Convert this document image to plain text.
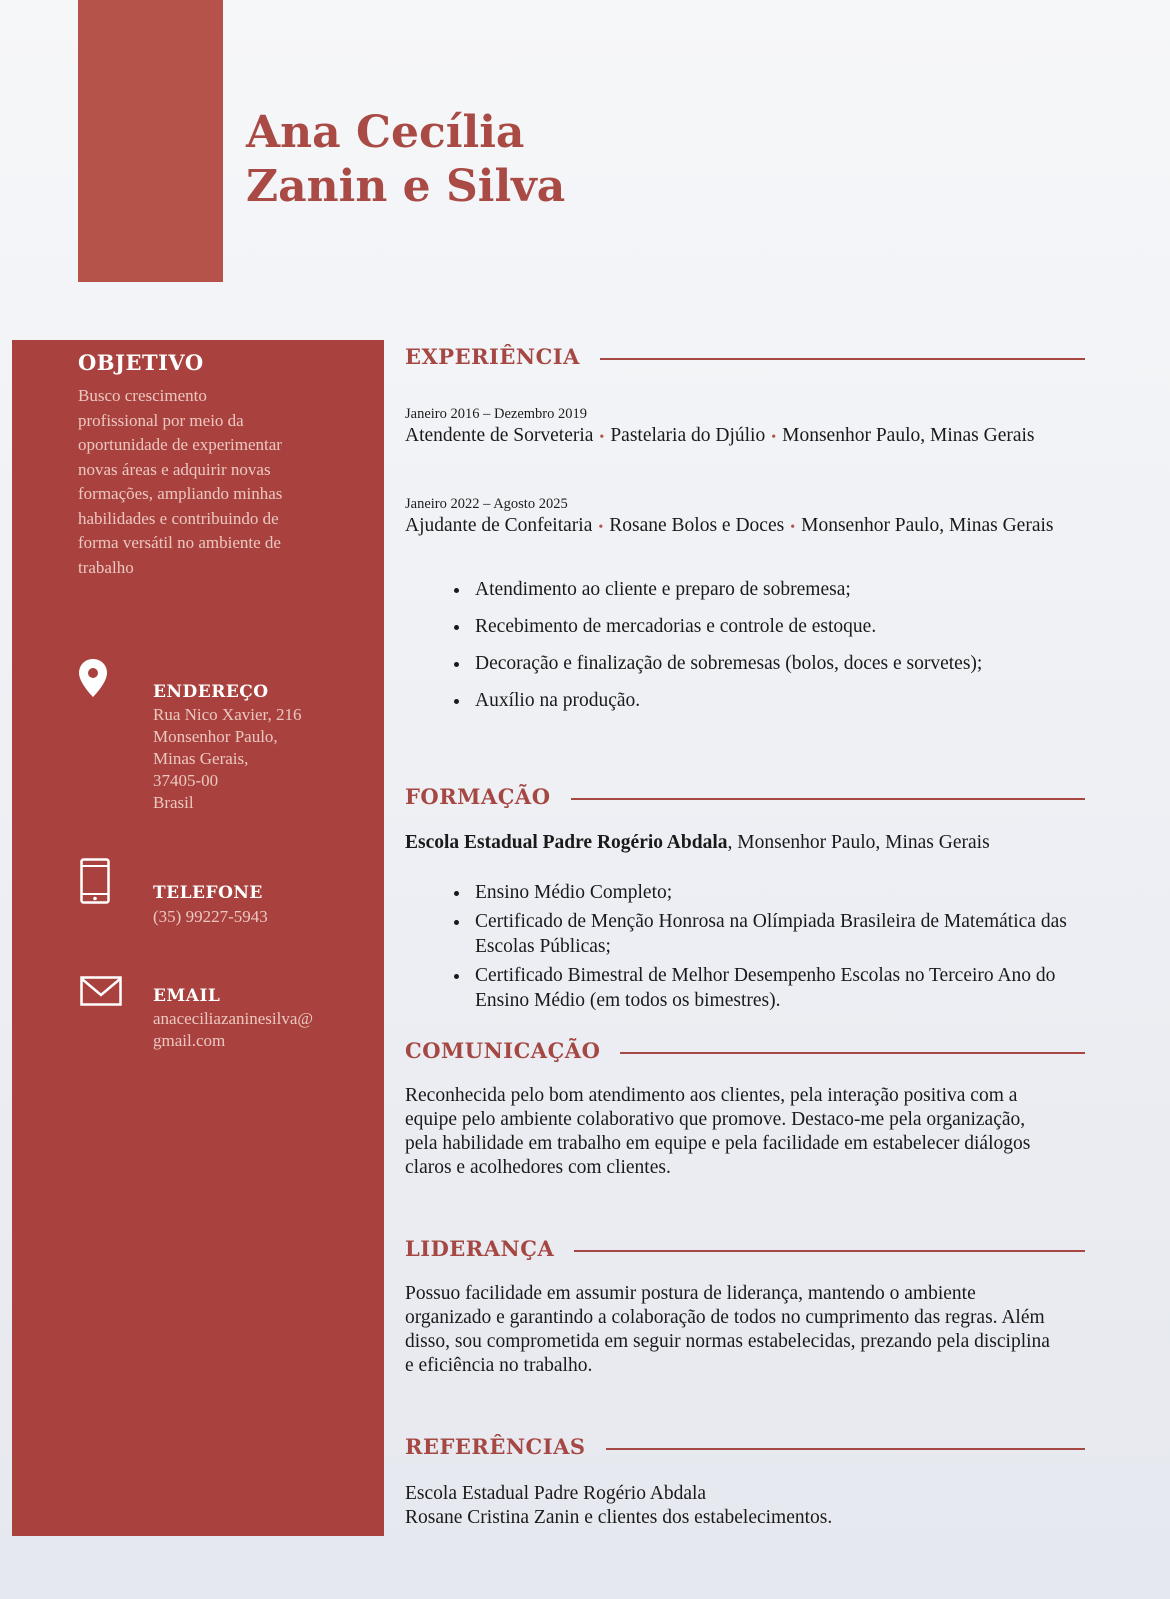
Ana Cecília
Zanin e Silva
OBJETIVO
Busco crescimento profissional por meio da oportunidade de experimentar novas áreas e adquirir novas formações, ampliando minhas habilidades e contribuindo de forma versátil no ambiente de trabalho
ENDEREÇO
Rua Nico Xavier, 216
Monsenhor Paulo,
Minas Gerais,
37405-00
Brasil
TELEFONE
(35) 99227-5943
EMAIL
anaceciliazaninesilva@
gmail.com
EXPERIÊNCIA
Janeiro 2016 – Dezembro 2019
Atendente de Sorveteria • Pastelaria do Djúlio • Monsenhor Paulo, Minas Gerais
Janeiro 2022 – Agosto 2025
Ajudante de Confeitaria • Rosane Bolos e Doces • Monsenhor Paulo, Minas Gerais
• Atendimento ao cliente e preparo de sobremesa;
• Recebimento de mercadorias e controle de estoque.
• Decoração e finalização de sobremesas (bolos, doces e sorvetes);
• Auxílio na produção.
FORMAÇÃO
Escola Estadual Padre Rogério Abdala, Monsenhor Paulo, Minas Gerais
• Ensino Médio Completo;
• Certificado de Menção Honrosa na Olímpiada Brasileira de Matemática das Escolas Públicas;
• Certificado Bimestral de Melhor Desempenho Escolas no Terceiro Ano do Ensino Médio (em todos os bimestres).
COMUNICAÇÃO
Reconhecida pelo bom atendimento aos clientes, pela interação positiva com a equipe pelo ambiente colaborativo que promove. Destaco-me pela organização, pela habilidade em trabalho em equipe e pela facilidade em estabelecer diálogos claros e acolhedores com clientes.
LIDERANÇA
Possuo facilidade em assumir postura de liderança, mantendo o ambiente organizado e garantindo a colaboração de todos no cumprimento das regras. Além disso, sou comprometida em seguir normas estabelecidas, prezando pela disciplina e eficiência no trabalho.
REFERÊNCIAS
Escola Estadual Padre Rogério Abdala
Rosane Cristina Zanin e clientes dos estabelecimentos.
